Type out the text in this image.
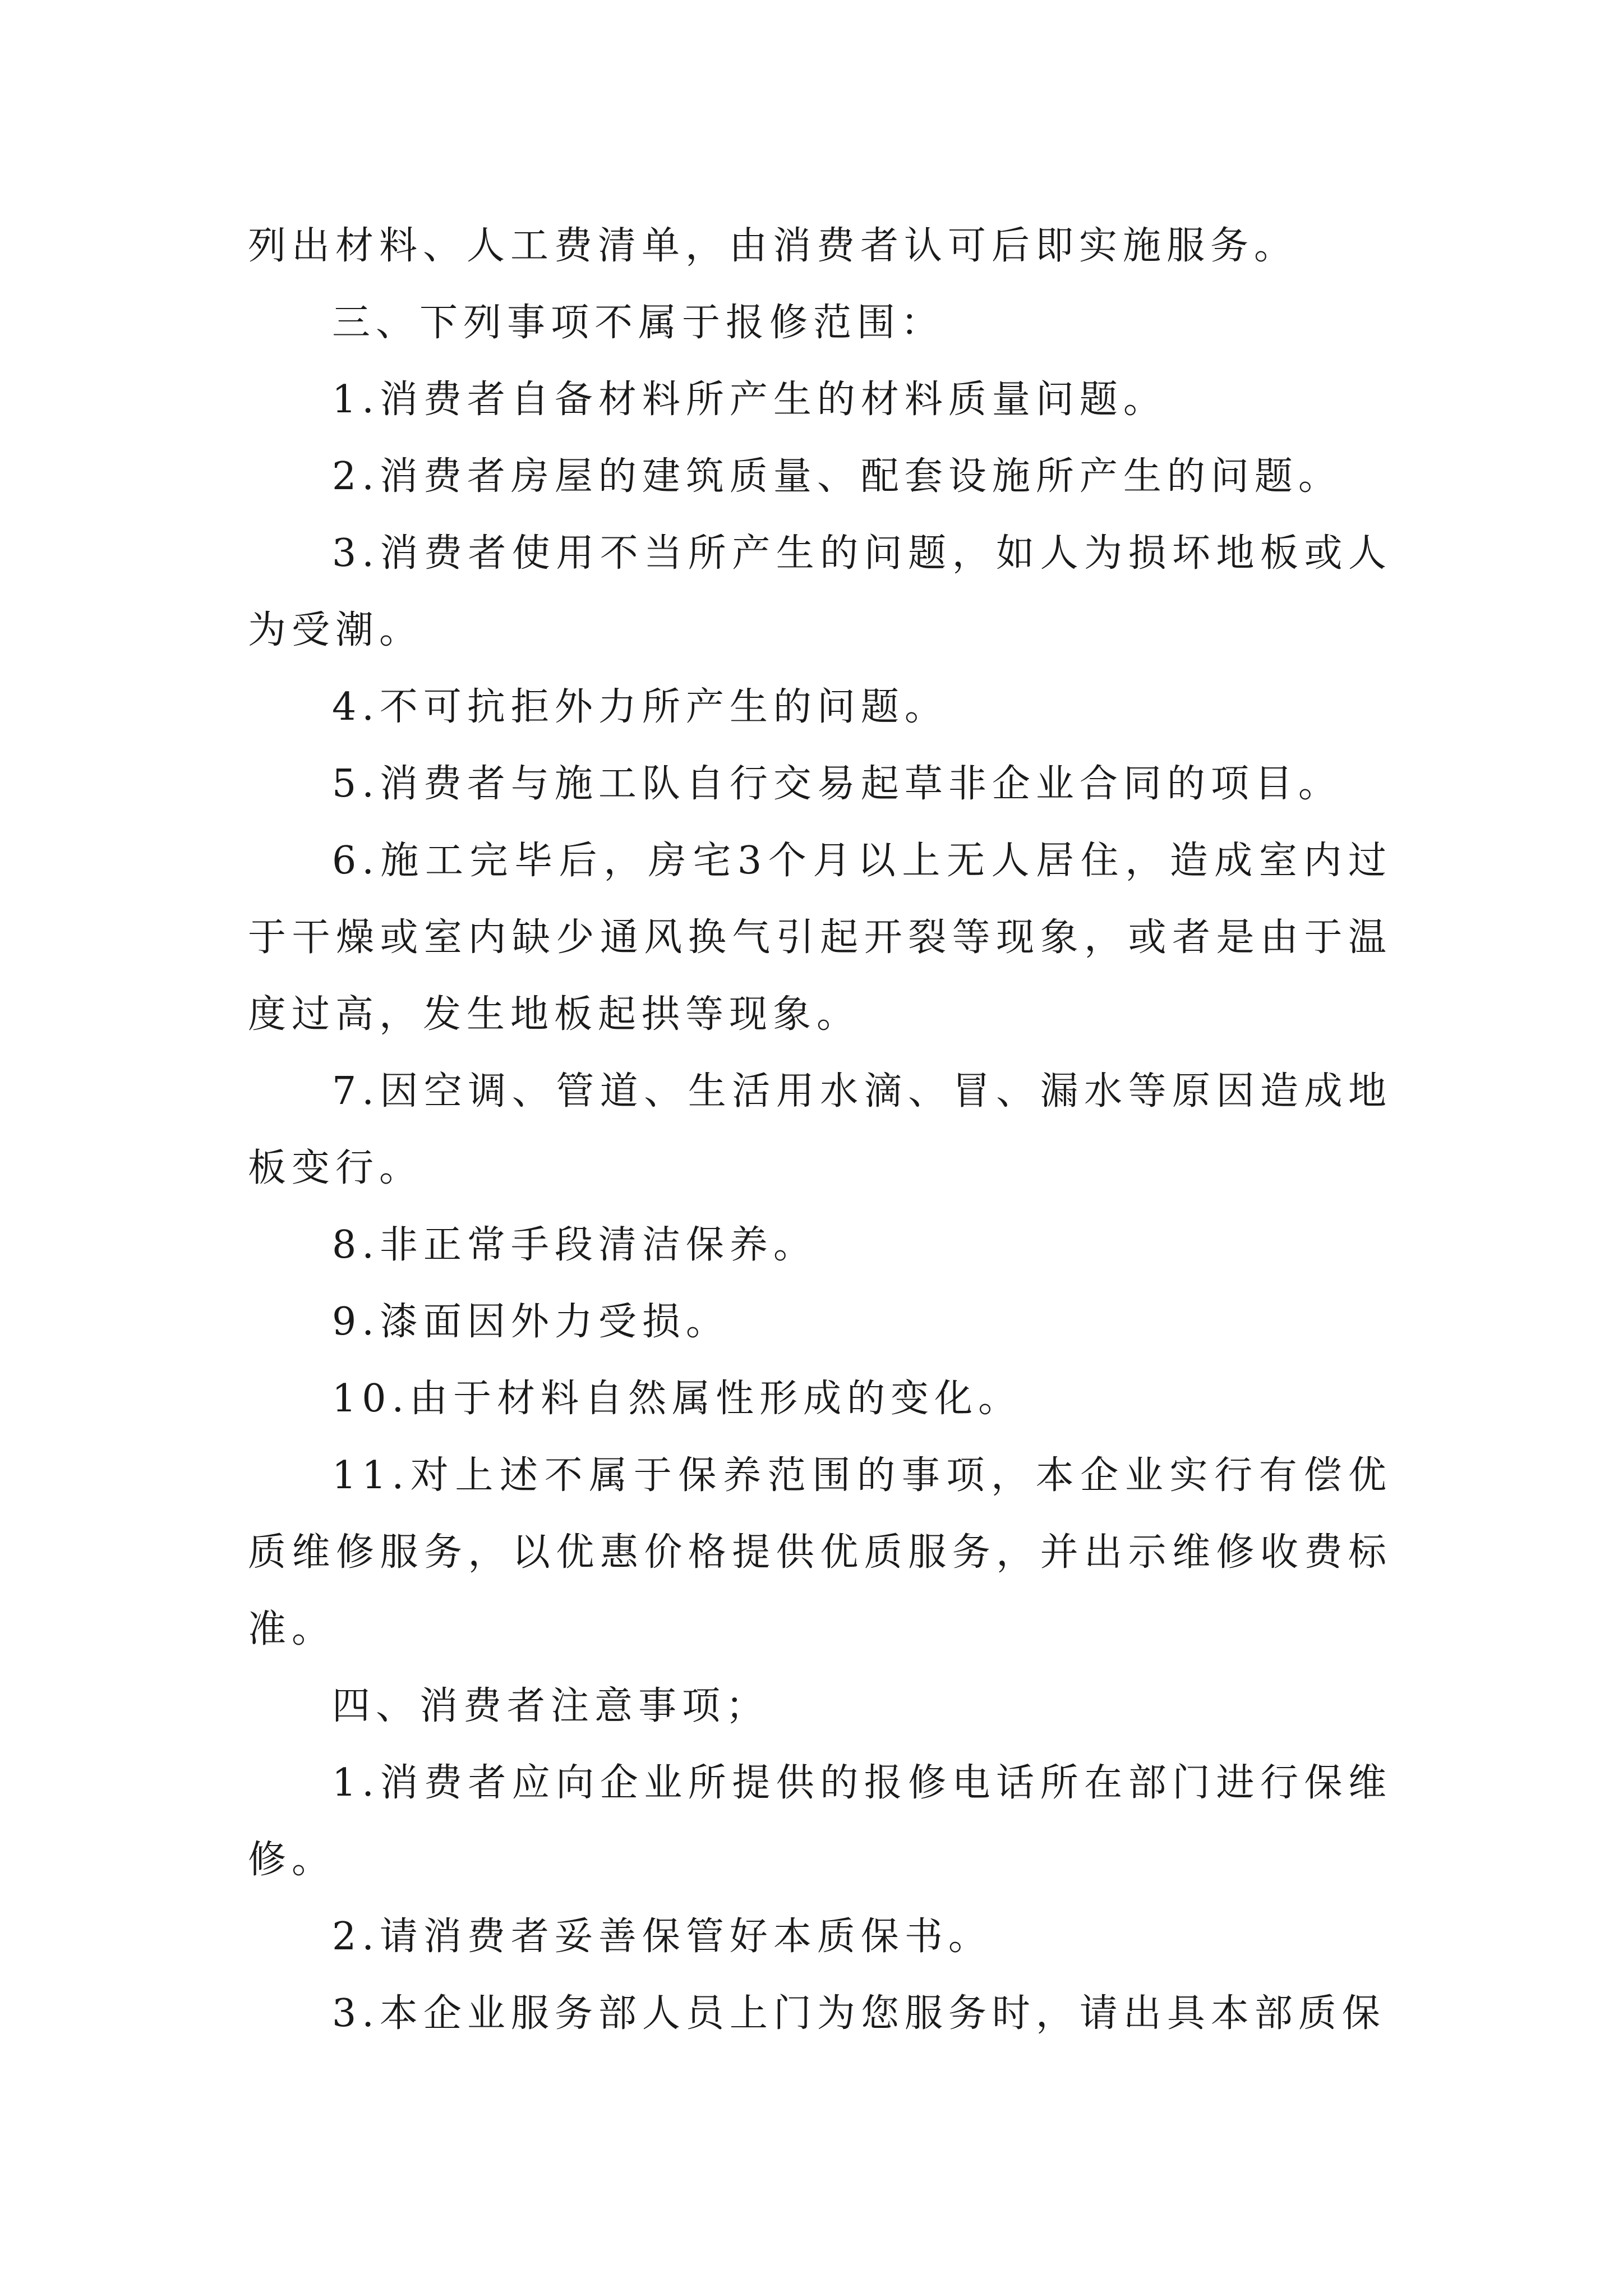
列出材料、人工费清单，由消费者认可后即实施服务。

三、下列事项不属于报修范围：

1.消费者自备材料所产生的材料质量问题。

2.消费者房屋的建筑质量、配套设施所产生的问题。

3.消费者使用不当所产生的问题，如人为损坏地板或人为受潮。

4.不可抗拒外力所产生的问题。

5.消费者与施工队自行交易起草非企业合同的项目。

6.施工完毕后，房宅3个月以上无人居住，造成室内过于干燥或室内缺少通风换气引起开裂等现象，或者是由于温度过高，发生地板起拱等现象。

7.因空调、管道、生活用水滴、冒、漏水等原因造成地板变行。

8.非正常手段清洁保养。

9.漆面因外力受损。

10.由于材料自然属性形成的变化。

11.对上述不属于保养范围的事项，本企业实行有偿优质维修服务，以优惠价格提供优质服务，并出示维修收费标准。

四、消费者注意事项；

1.消费者应向企业所提供的报修电话所在部门进行保维修。

2.请消费者妥善保管好本质保书。

3.本企业服务部人员上门为您服务时，请出具本部质保
